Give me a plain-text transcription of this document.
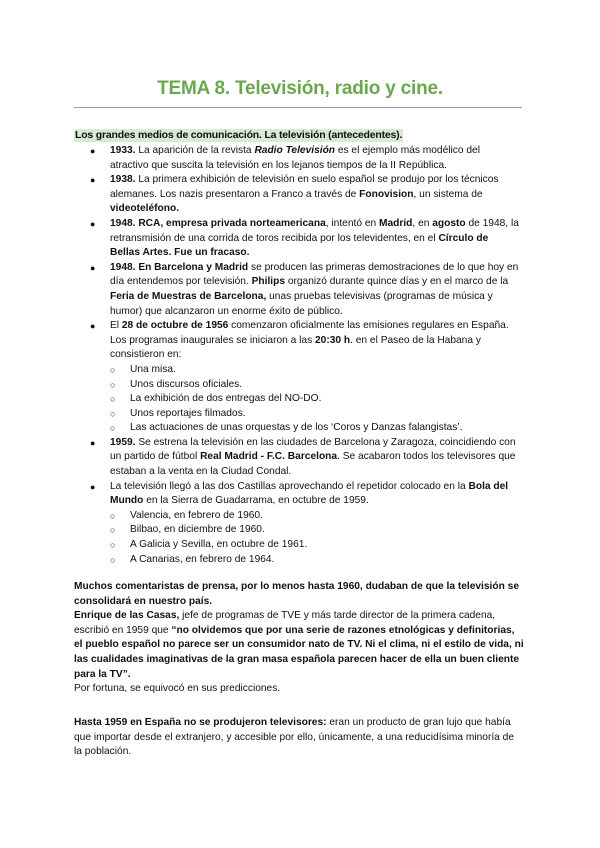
TEMA 8. Televisión, radio y cine.
Los grandes medios de comunicación. La televisión (antecedentes).
● 1933. La aparición de la revista Radio Televisión es el ejemplo más modélico del atractivo que suscita la televisión en los lejanos tiempos de la II República.
● 1938. La primera exhibición de televisión en suelo español se produjo por los técnicos alemanes. Los nazis presentaron a Franco a través de Fonovision, un sistema de videoteléfono.
● 1948. RCA, empresa privada norteamericana, intentó en Madrid, en agosto de 1948, la retransmisión de una corrida de toros recibida por los televidentes, en el Círculo de Bellas Artes. Fue un fracaso.
● 1948. En Barcelona y Madrid se producen las primeras demostraciones de lo que hoy en día entendemos por televisión. Philips organizó durante quince días y en el marco de la Feria de Muestras de Barcelona, unas pruebas televisivas (programas de música y humor) que alcanzaron un enorme éxito de público.
● El 28 de octubre de 1956 comenzaron oficialmente las emisiones regulares en España. Los programas inaugurales se iniciaron a las 20:30 h. en el Paseo de la Habana y consistieron en:
○ Una misa.
○ Unos discursos oficiales.
○ La exhibición de dos entregas del NO-DO.
○ Unos reportajes filmados.
○ Las actuaciones de unas orquestas y de los ‘Coros y Danzas falangistas’.
● 1959. Se estrena la televisión en las ciudades de Barcelona y Zaragoza, coincidiendo con un partido de fútbol Real Madrid - F.C. Barcelona. Se acabaron todos los televisores que estaban a la venta en la Ciudad Condal.
● La televisión llegó a las dos Castillas aprovechando el repetidor colocado en la Bola del Mundo en la Sierra de Guadarrama, en octubre de 1959.
○ Valencia, en febrero de 1960.
○ Bilbao, en diciembre de 1960.
○ A Galicia y Sevilla, en octubre de 1961.
○ A Canarias, en febrero de 1964.
Muchos comentaristas de prensa, por lo menos hasta 1960, dudaban de que la televisión se consolidará en nuestro país.
Enrique de las Casas, jefe de programas de TVE y más tarde director de la primera cadena, escribió en 1959 que “no olvidemos que por una serie de razones etnológicas y definitorias, el pueblo español no parece ser un consumidor nato de TV. Ni el clima, ni el estilo de vida, ni las cualidades imaginativas de la gran masa española parecen hacer de ella un buen cliente para la TV”.
Por fortuna, se equivocó en sus predicciones.
Hasta 1959 en España no se produjeron televisores: eran un producto de gran lujo que había que importar desde el extranjero, y accesible por ello, únicamente, a una reducidísima minoría de la población.
